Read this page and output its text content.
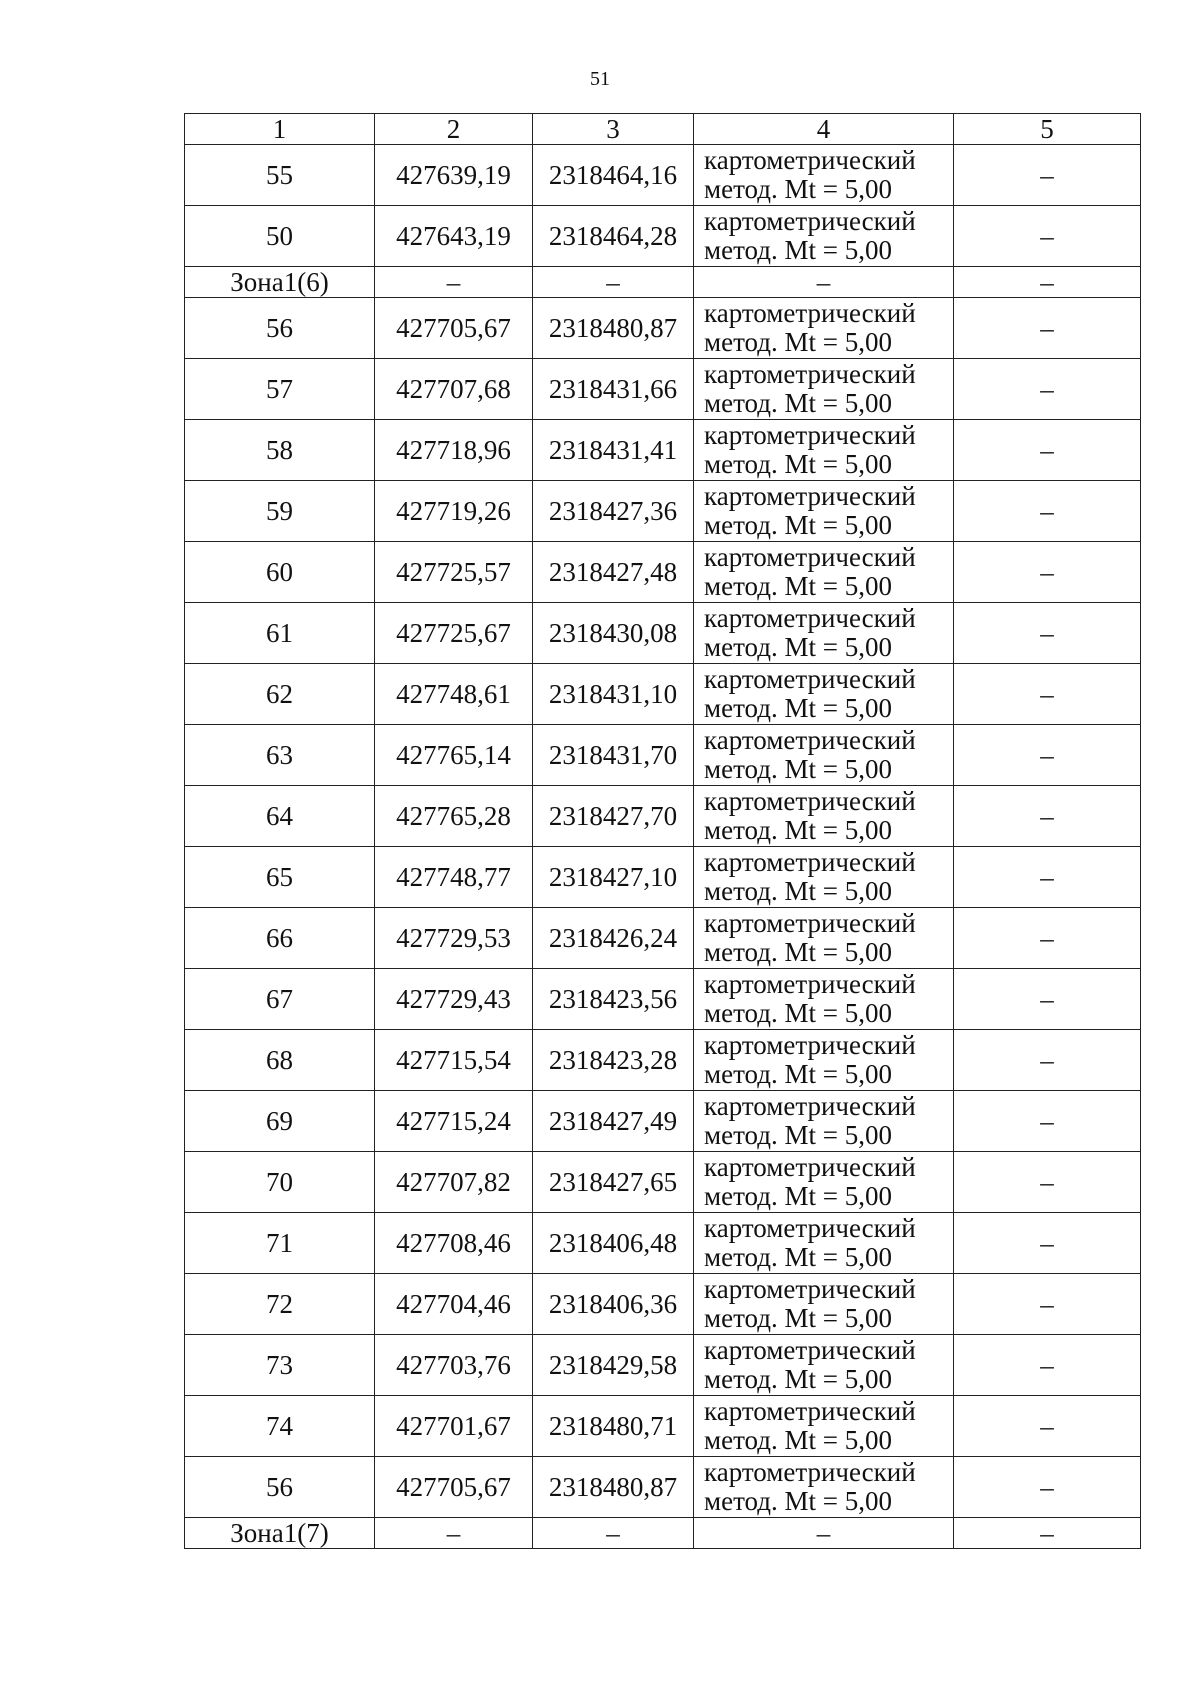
51
1	2	3	4	5
55	427639,19	2318464,16	картометрический
метод. Mt = 5,00	–
50	427643,19	2318464,28	картометрический
метод. Mt = 5,00	–
Зона1(6)	–	–	–	–
56	427705,67	2318480,87	картометрический
метод. Mt = 5,00	–
57	427707,68	2318431,66	картометрический
метод. Mt = 5,00	–
58	427718,96	2318431,41	картометрический
метод. Mt = 5,00	–
59	427719,26	2318427,36	картометрический
метод. Mt = 5,00	–
60	427725,57	2318427,48	картометрический
метод. Mt = 5,00	–
61	427725,67	2318430,08	картометрический
метод. Mt = 5,00	–
62	427748,61	2318431,10	картометрический
метод. Mt = 5,00	–
63	427765,14	2318431,70	картометрический
метод. Mt = 5,00	–
64	427765,28	2318427,70	картометрический
метод. Mt = 5,00	–
65	427748,77	2318427,10	картометрический
метод. Mt = 5,00	–
66	427729,53	2318426,24	картометрический
метод. Mt = 5,00	–
67	427729,43	2318423,56	картометрический
метод. Mt = 5,00	–
68	427715,54	2318423,28	картометрический
метод. Mt = 5,00	–
69	427715,24	2318427,49	картометрический
метод. Mt = 5,00	–
70	427707,82	2318427,65	картометрический
метод. Mt = 5,00	–
71	427708,46	2318406,48	картометрический
метод. Mt = 5,00	–
72	427704,46	2318406,36	картометрический
метод. Mt = 5,00	–
73	427703,76	2318429,58	картометрический
метод. Mt = 5,00	–
74	427701,67	2318480,71	картометрический
метод. Mt = 5,00	–
56	427705,67	2318480,87	картометрический
метод. Mt = 5,00	–
Зона1(7)	–	–	–	–
